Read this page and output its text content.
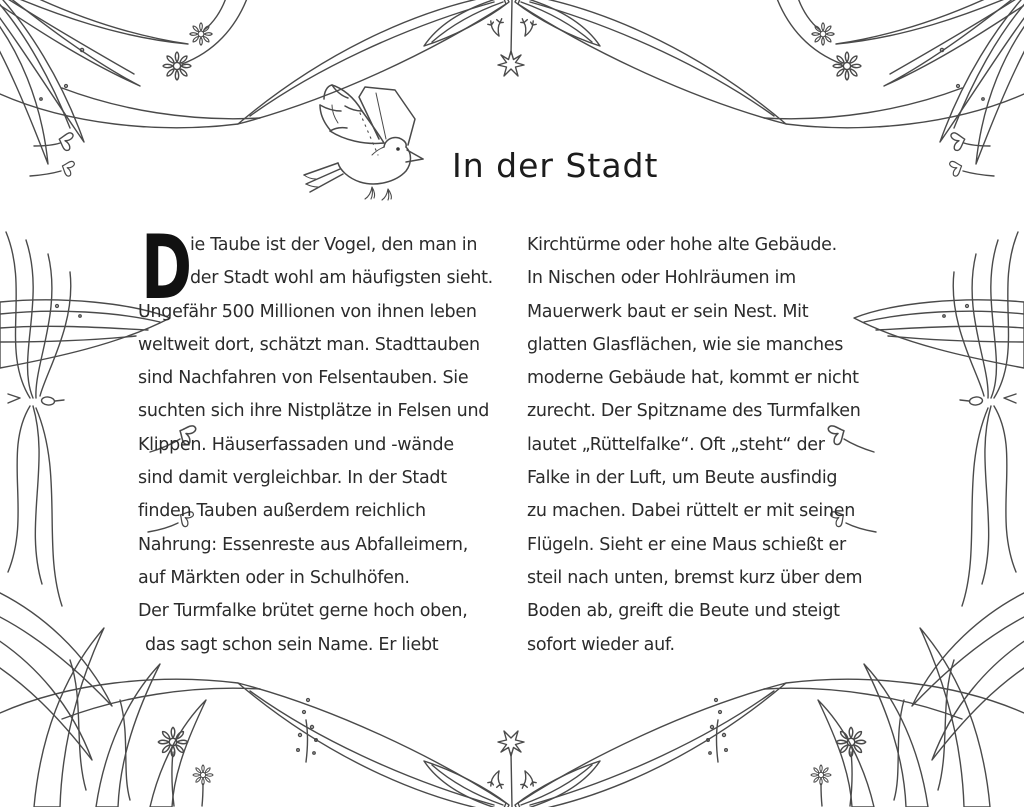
In der Stadt
D
ie Taube ist der Vogel, den man in
der Stadt wohl am häufigsten sieht.
Ungefähr 500 Millionen von ihnen leben
weltweit dort, schätzt man. Stadttauben
sind Nachfahren von Felsentauben. Sie
suchten sich ihre Nistplätze in Felsen und
Klippen. Häuserfassaden und -wände
sind damit vergleichbar. In der Stadt
finden Tauben außerdem reichlich
Nahrung: Essenreste aus Abfalleimern,
auf Märkten oder in Schulhöfen.
Der Turmfalke brütet gerne hoch oben,
das sagt schon sein Name. Er liebt
Kirchtürme oder hohe alte Gebäude.
In Nischen oder Hohlräumen im
Mauerwerk baut er sein Nest. Mit
glatten Glasflächen, wie sie manches
moderne Gebäude hat, kommt er nicht
zurecht. Der Spitzname des Turmfalken
lautet „Rüttelfalke“. Oft „steht“ der
Falke in der Luft, um Beute ausfindig
zu machen. Dabei rüttelt er mit seinen
Flügeln. Sieht er eine Maus schießt er
steil nach unten, bremst kurz über dem
Boden ab, greift die Beute und steigt
sofort wieder auf.
